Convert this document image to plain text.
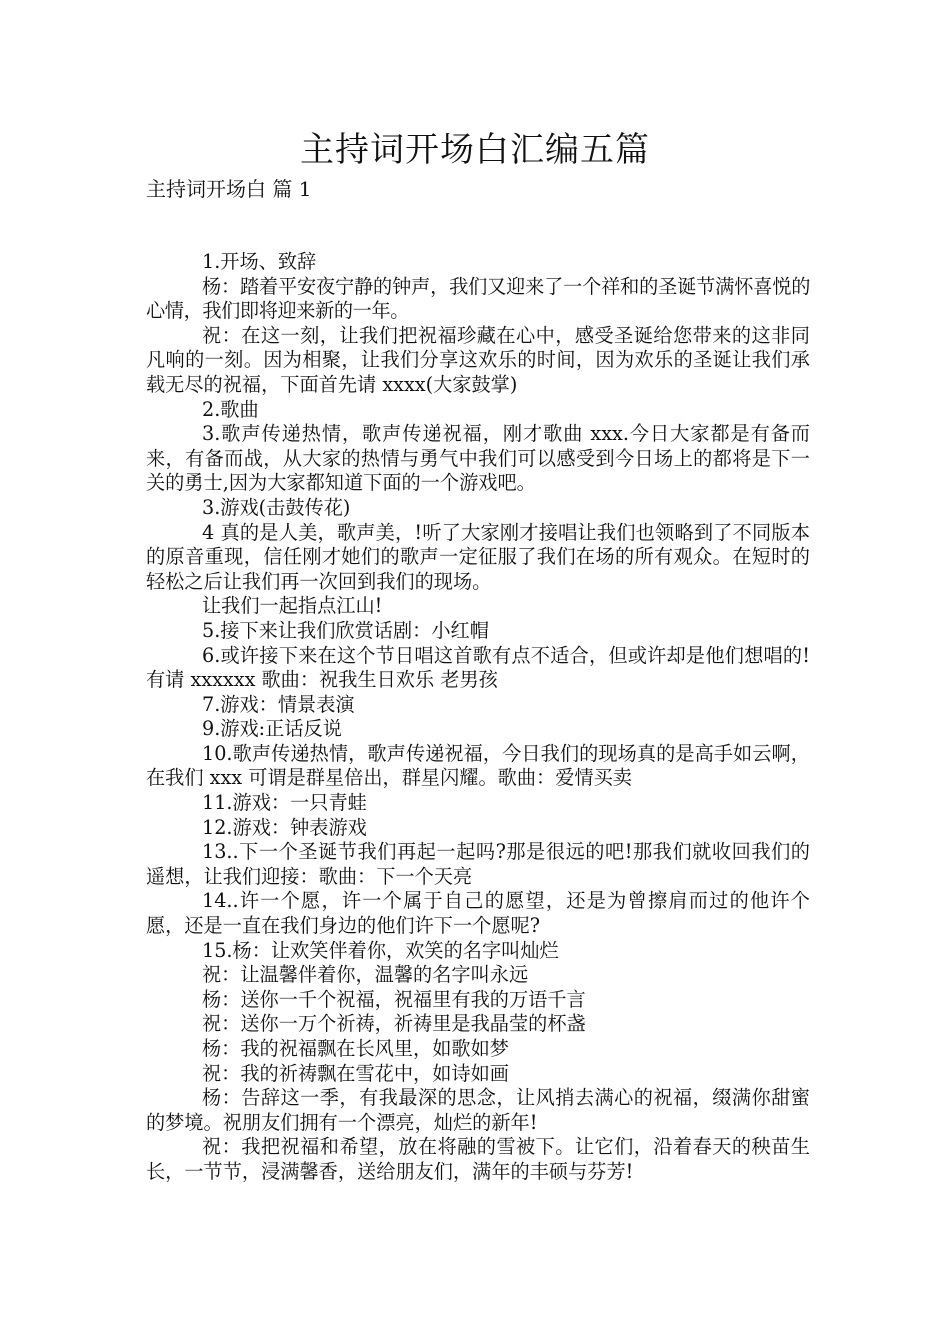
主持词开场白汇编五篇
主持词开场白 篇 1

1.开场、致辞

杨：踏着平安夜宁静的钟声，我们又迎来了一个祥和的圣诞节满怀喜悦的心情，我们即将迎来新的一年。

祝：在这一刻，让我们把祝福珍藏在心中，感受圣诞给您带来的这非同凡响的一刻。因为相聚，让我们分享这欢乐的时间，因为欢乐的圣诞让我们承载无尽的祝福，下面首先请 xxxx(大家鼓掌)

2.歌曲

3.歌声传递热情，歌声传递祝福，刚才歌曲 xxx.今日大家都是有备而来，有备而战，从大家的热情与勇气中我们可以感受到今日场上的都将是下一关的勇士,因为大家都知道下面的一个游戏吧。

3.游戏(击鼓传花)

4 真的是人美，歌声美，!听了大家刚才接唱让我们也领略到了不同版本的原音重现，信任刚才她们的歌声一定征服了我们在场的所有观众。在短时的轻松之后让我们再一次回到我们的现场。

让我们一起指点江山!

5.接下来让我们欣赏话剧：小红帽

6.或许接下来在这个节日唱这首歌有点不适合，但或许却是他们想唱的!有请 xxxxxx 歌曲：祝我生日欢乐 老男孩

7.游戏：情景表演

9.游戏:正话反说

10.歌声传递热情，歌声传递祝福，今日我们的现场真的是高手如云啊，在我们 xxx 可谓是群星倍出，群星闪耀。歌曲：爱情买卖

11.游戏：一只青蛙

12.游戏：钟表游戏

13..下一个圣诞节我们再起一起吗?那是很远的吧!那我们就收回我们的遥想，让我们迎接：歌曲：下一个天亮

14..许一个愿，许一个属于自己的愿望，还是为曾擦肩而过的他许个愿，还是一直在我们身边的他们许下一个愿呢?

15.杨：让欢笑伴着你，欢笑的名字叫灿烂

祝：让温馨伴着你，温馨的名字叫永远

杨：送你一千个祝福，祝福里有我的万语千言

祝：送你一万个祈祷，祈祷里是我晶莹的杯盏

杨：我的祝福飘在长风里，如歌如梦

祝：我的祈祷飘在雪花中，如诗如画

杨：告辞这一季，有我最深的思念，让风捎去满心的祝福，缀满你甜蜜的梦境。祝朋友们拥有一个漂亮，灿烂的新年!

祝：我把祝福和希望，放在将融的雪被下。让它们，沿着春天的秧苗生长，一节节，浸满馨香，送给朋友们，满年的丰硕与芬芳!
